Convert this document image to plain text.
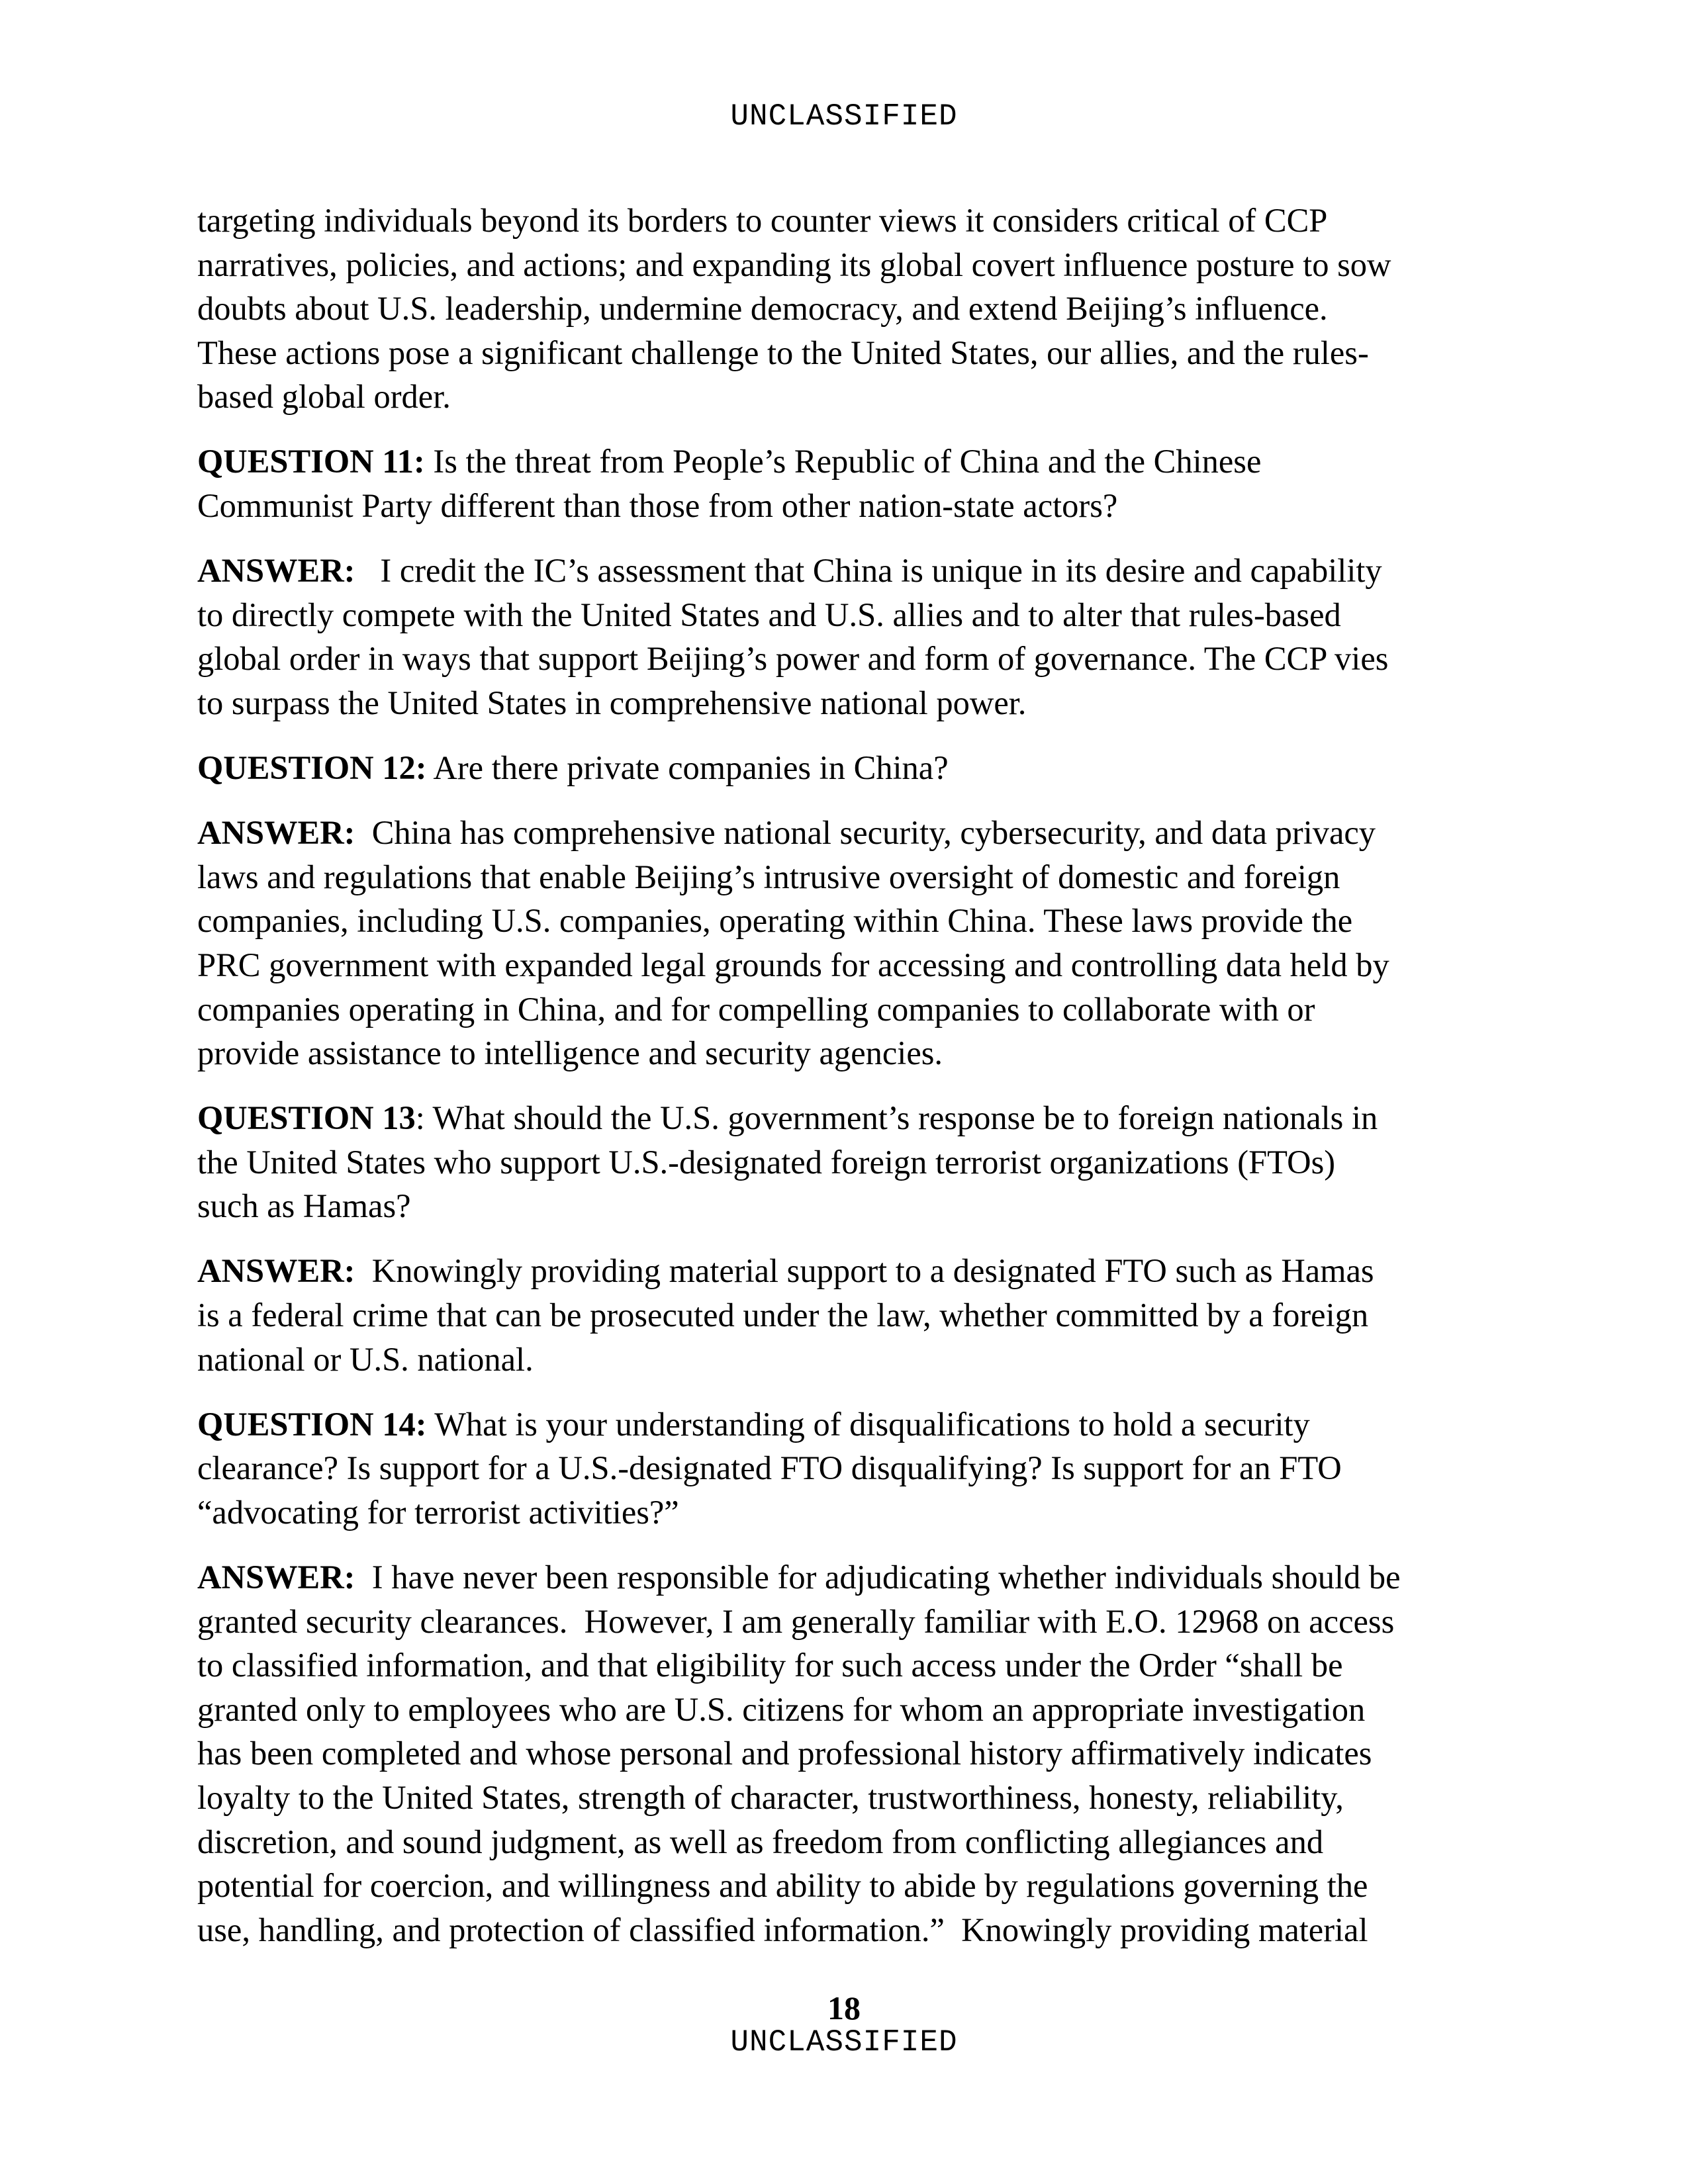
UNCLASSIFIED
targeting individuals beyond its borders to counter views it considers critical of CCP
narratives, policies, and actions; and expanding its global covert influence posture to sow
doubts about U.S. leadership, undermine democracy, and extend Beijing’s influence.
These actions pose a significant challenge to the United States, our allies, and the rules-
based global order.
QUESTION 11: Is the threat from People’s Republic of China and the Chinese
Communist Party different than those from other nation-state actors?
ANSWER:   I credit the IC’s assessment that China is unique in its desire and capability
to directly compete with the United States and U.S. allies and to alter that rules-based
global order in ways that support Beijing’s power and form of governance. The CCP vies
to surpass the United States in comprehensive national power.
QUESTION 12: Are there private companies in China?
ANSWER:  China has comprehensive national security, cybersecurity, and data privacy
laws and regulations that enable Beijing’s intrusive oversight of domestic and foreign
companies, including U.S. companies, operating within China. These laws provide the
PRC government with expanded legal grounds for accessing and controlling data held by
companies operating in China, and for compelling companies to collaborate with or
provide assistance to intelligence and security agencies.
QUESTION 13: What should the U.S. government’s response be to foreign nationals in
the United States who support U.S.-designated foreign terrorist organizations (FTOs)
such as Hamas?
ANSWER:  Knowingly providing material support to a designated FTO such as Hamas
is a federal crime that can be prosecuted under the law, whether committed by a foreign
national or U.S. national.
QUESTION 14: What is your understanding of disqualifications to hold a security
clearance? Is support for a U.S.-designated FTO disqualifying? Is support for an FTO
“advocating for terrorist activities?”
ANSWER:  I have never been responsible for adjudicating whether individuals should be
granted security clearances.  However, I am generally familiar with E.O. 12968 on access
to classified information, and that eligibility for such access under the Order “shall be
granted only to employees who are U.S. citizens for whom an appropriate investigation
has been completed and whose personal and professional history affirmatively indicates
loyalty to the United States, strength of character, trustworthiness, honesty, reliability,
discretion, and sound judgment, as well as freedom from conflicting allegiances and
potential for coercion, and willingness and ability to abide by regulations governing the
use, handling, and protection of classified information.”  Knowingly providing material
18
UNCLASSIFIED
